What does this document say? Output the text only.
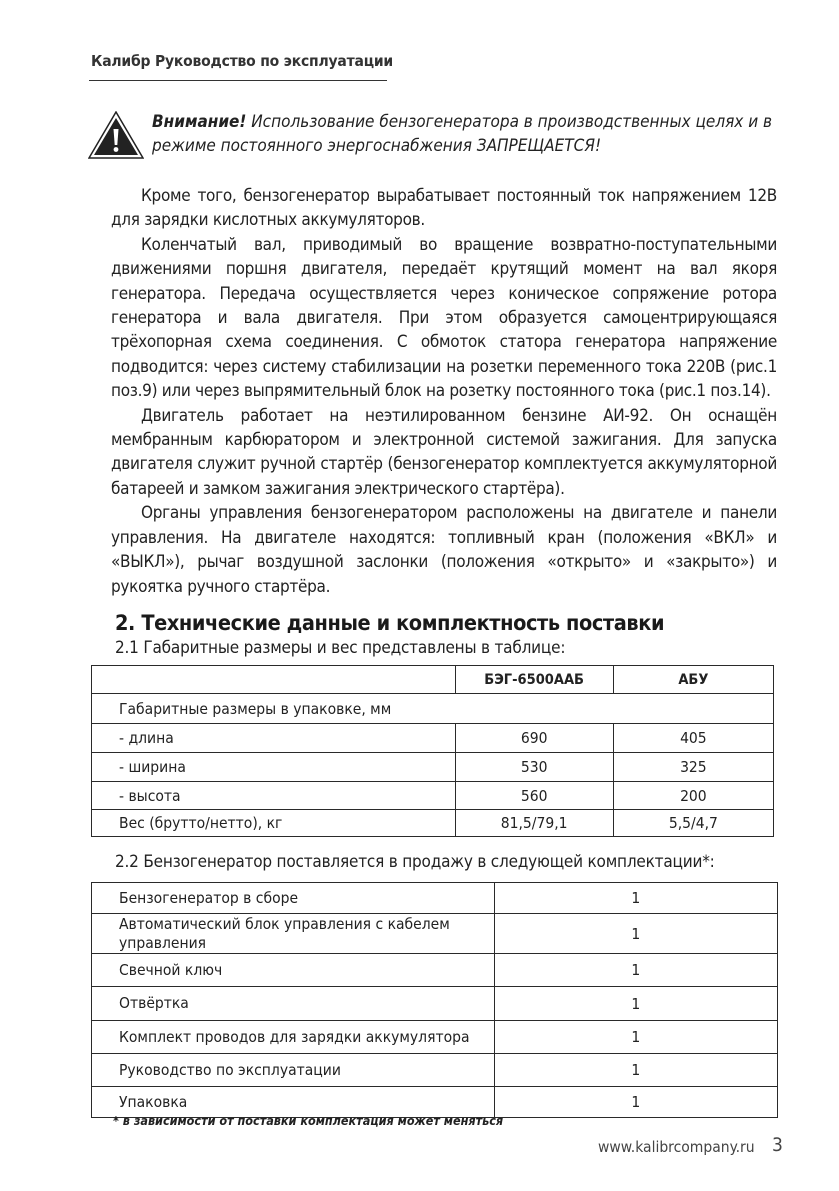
Калибр Руководство по эксплуатации
Внимание! Использование бензогенератора в производственных целях и в режиме постоянного энергоснабжения ЗАПРЕЩАЕТСЯ!

Кроме того, бензогенератор вырабатывает постоянный ток напряжением 12В для зарядки кислотных аккумуляторов.

Коленчатый вал, приводимый во вращение возвратно-поступательными движениями поршня двигателя, передаёт крутящий момент на вал якоря генератора. Передача осуществляется через коническое сопряжение ротора генератора и вала двигателя. При этом образуется самоцентрирующаяся трёхопорная схема соединения. С обмоток статора генератора напряжение подводится: через систему стабилизации на розетки переменного тока 220В (рис.1 поз.9) или через выпрямительный блок на розетку постоянного тока (рис.1 поз.14).

Двигатель работает на неэтилированном бензине АИ-92. Он оснащён мембранным карбюратором и электронной системой зажигания. Для запуска двигателя служит ручной стартёр (бензогенератор комплектуется аккумуляторной батареей и замком зажигания электрического стартёра).

Органы управления бензогенератором расположены на двигателе и панели управления. На двигателе находятся: топливный кран (положения «ВКЛ» и «ВЫКЛ»), рычаг воздушной заслонки (положения «открыто» и «закрыто») и рукоятка ручного стартёра.

2. Технические данные и комплектность поставки
2.1 Габаритные размеры и вес представлены в таблице:
	БЭГ-6500ААБ	АБУ
Габаритные размеры в упаковке, мм		
- длина	690	405
- ширина	530	325
- высота	560	200
Вес (брутто/нетто), кг	81,5/79,1	5,5/4,7
2.2 Бензогенератор поставляется в продажу в следующей комплектации*:
Бензогенератор в сборе	1
Автоматический блок управления с кабелем управления	1
Свечной ключ	1
Отвёртка	1
Комплект проводов для зарядки аккумулятора	1
Руководство по эксплуатации	1
Упаковка	1
* в зависимости от поставки комплектация может меняться
www.kalibrcompany.ru 3
